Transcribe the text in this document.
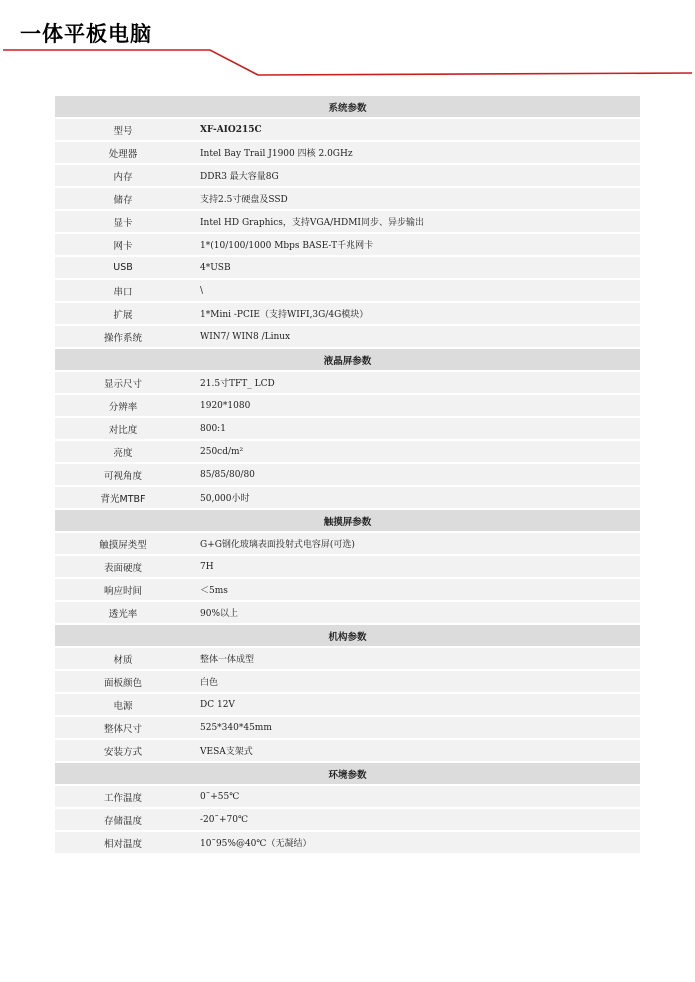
一体平板电脑
系统参数	
型号	XF-AIO215C
处理器	Intel Bay Trail J1900 四核 2.0GHz
内存	DDR3 最大容量8G
储存	支持2.5寸硬盘及SSD
显卡	Intel HD Graphics，支持VGA/HDMI同步、异步输出
网卡	1*(10/100/1000 Mbps BASE-T千兆网卡
USB	4*USB
串口	\
扩展	1*Mini -PCIE（支持WIFI,3G/4G模块）
操作系统	WIN7/ WIN8 /Linux
液晶屏参数	
显示尺寸	21.5寸TFT_ LCD
分辨率	1920*1080
对比度	800:1
亮度	250cd/m²
可视角度	85/85/80/80
背光MTBF	50,000小时
触摸屏参数	
触摸屏类型	G+G钢化玻璃表面投射式电容屏(可选)
表面硬度	7H
响应时间	＜5ms
透光率	90%以上
机构参数	
材质	整体一体成型
面板颜色	白色
电源	DC 12V
整体尺寸	525*340*45mm
安装方式	VESA支架式
环境参数	
工作温度	0˜+55℃
存储温度	-20˜+70℃
相对温度	10˜95%@40℃（无凝结）
